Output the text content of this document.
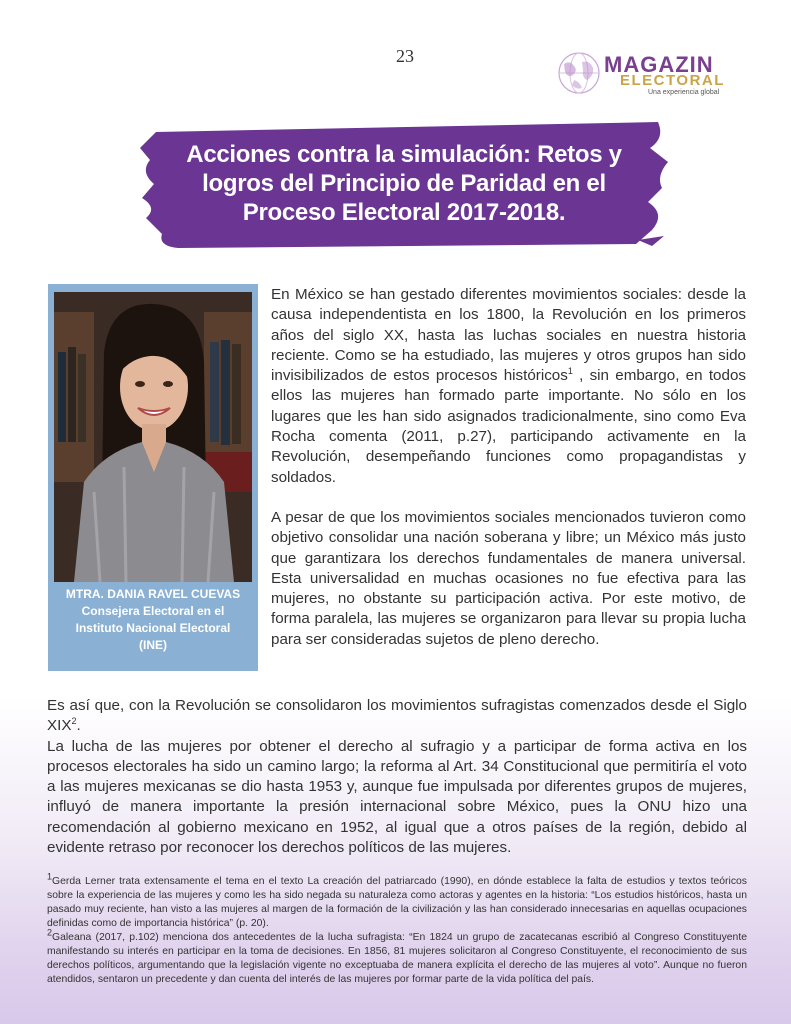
23	MAGAZIN
ELECTORAL
Una experiencia global
Acciones contra la simulación: Retos y
logros del Principio de Paridad en el
Proceso Electoral 2017-2018.
MTRA. DANIA RAVEL CUEVAS
Consejera Electoral en el
Instituto Nacional Electoral
(INE)

En México se han gestado diferentes movimientos sociales: desde la causa independentista en los 1800, la Revolución en los primeros años del siglo XX, hasta las luchas sociales en nuestra historia reciente. Como se ha estudiado, las mujeres y otros grupos han sido invisibilizados de estos procesos históricos$^1$ , sin embargo, en todos ellos las mujeres han formado parte importante. No sólo en los lugares que les han sido asignados tradicionalmente, sino como Eva Rocha comenta (2011, p.27), participando activamente en la Revolución, desempeñando funciones como propagandistas y soldados.

A pesar de que los movimientos sociales mencionados tuvieron como objetivo consolidar una nación soberana y libre; un México más justo que garantizara los derechos fundamentales de manera universal. Esta universalidad en muchas ocasiones no fue efectiva para las mujeres, no obstante su participación activa. Por este motivo, de forma paralela, las mujeres se organizaron para llevar su propia lucha para ser consideradas sujetos de pleno derecho.

Es así que, con la Revolución se consolidaron los movimientos sufragistas comenzados desde el Siglo XIX$^2$.

La lucha de las mujeres por obtener el derecho al sufragio y a participar de forma activa en los procesos electorales ha sido un camino largo; la reforma al Art. 34 Constitucional que permitiría el voto a las mujeres mexicanas se dio hasta 1953 y, aunque fue impulsada por diferentes grupos de mujeres, influyó de manera importante la presión internacional sobre México, pues la ONU hizo una recomendación al gobierno mexicano en 1952, al igual que a otros países de la región, debido al evidente retraso por reconocer los derechos políticos de las mujeres.

$^1$Gerda Lerner trata extensamente el tema en el texto La creación del patriarcado (1990), en dónde establece la falta de estudios y textos teóricos sobre la experiencia de las mujeres y como les ha sido negada su naturaleza como actoras y agentes en la historia: “Los estudios históricos, hasta un pasado muy reciente, han visto a las mujeres al margen de la formación de la civilización y las han considerado innecesarias en aquellas ocupaciones definidas como de importancia histórica” (p. 20).

$^2$Galeana (2017, p.102) menciona dos antecedentes de la lucha sufragista: “En 1824 un grupo de zacatecanas escribió al Congreso Constituyente manifestando su interés en participar en la toma de decisiones. En 1856, 81 mujeres solicitaron al Congreso Constituyente, el reconocimiento de sus derechos políticos, argumentando que la legislación vigente no exceptuaba de manera explícita el derecho de las mujeres al voto”. Aunque no fueron atendidos, sentaron un precedente y dan cuenta del interés de las mujeres por formar parte de la vida política del país.
